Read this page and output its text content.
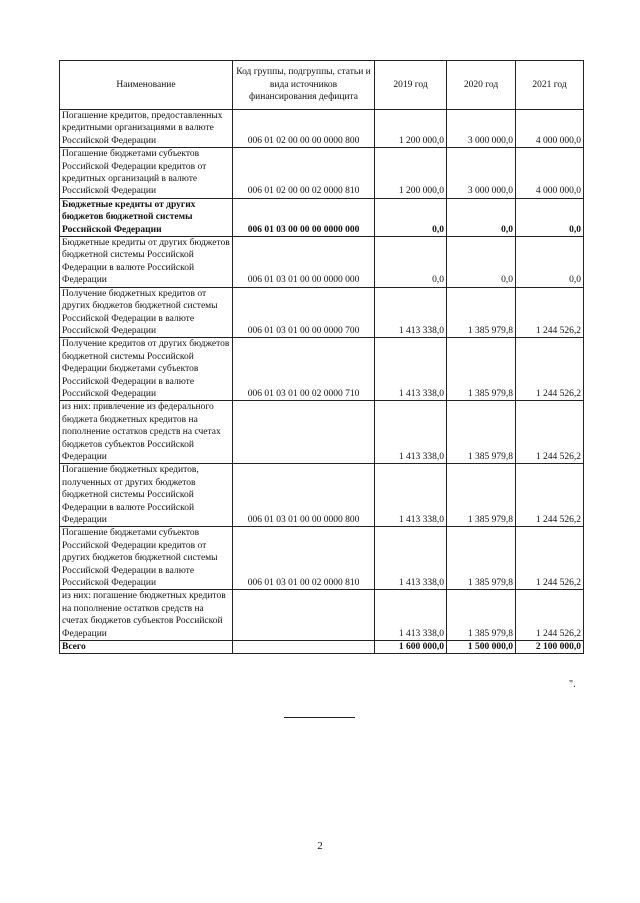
Наименование	Код группы, подгруппы, статьи и вида источников финансирования дефицита	2019 год	2020 год	2021 год
Погашение кредитов, предоставленных кредитными организациями в валюте Российской Федерации	006 01 02 00 00 00 0000 800	1 200 000,0	3 000 000,0	4 000 000,0
Погашение бюджетами субъектов Российской Федерации кредитов от кредитных организаций в валюте Российской Федерации	006 01 02 00 00 02 0000 810	1 200 000,0	3 000 000,0	4 000 000,0
Бюджетные кредиты от других бюджетов бюджетной системы Российской Федерации	006 01 03 00 00 00 0000 000	0,0	0,0	0,0
Бюджетные кредиты от других бюджетов бюджетной системы Российской Федерации в валюте Российской Федерации	006 01 03 01 00 00 0000 000	0,0	0,0	0,0
Получение бюджетных кредитов от других бюджетов бюджетной системы Российской Федерации в валюте Российской Федерации	006 01 03 01 00 00 0000 700	1 413 338,0	1 385 979,8	1 244 526,2
Получение кредитов от других бюджетов бюджетной системы Российской Федерации бюджетами субъектов Российской Федерации в валюте Российской Федерации	006 01 03 01 00 02 0000 710	1 413 338,0	1 385 979,8	1 244 526,2
из них: привлечение из федерального бюджета бюджетных кредитов на пополнение остатков средств на счетах бюджетов субъектов Российской Федерации		1 413 338,0	1 385 979,8	1 244 526,2
Погашение бюджетных кредитов, полученных от других бюджетов бюджетной системы Российской Федерации в валюте Российской Федерации	006 01 03 01 00 00 0000 800	1 413 338,0	1 385 979,8	1 244 526,2
Погашение бюджетами субъектов Российской Федерации кредитов от других бюджетов бюджетной системы Российской Федерации в валюте Российской Федерации	006 01 03 01 00 02 0000 810	1 413 338,0	1 385 979,8	1 244 526,2
из них: погашение бюджетных кредитов на пополнение остатков средств на счетах бюджетов субъектов Российской Федерации		1 413 338,0	1 385 979,8	1 244 526,2
Всего		1 600 000,0	1 500 000,0	2 100 000,0
".
2
